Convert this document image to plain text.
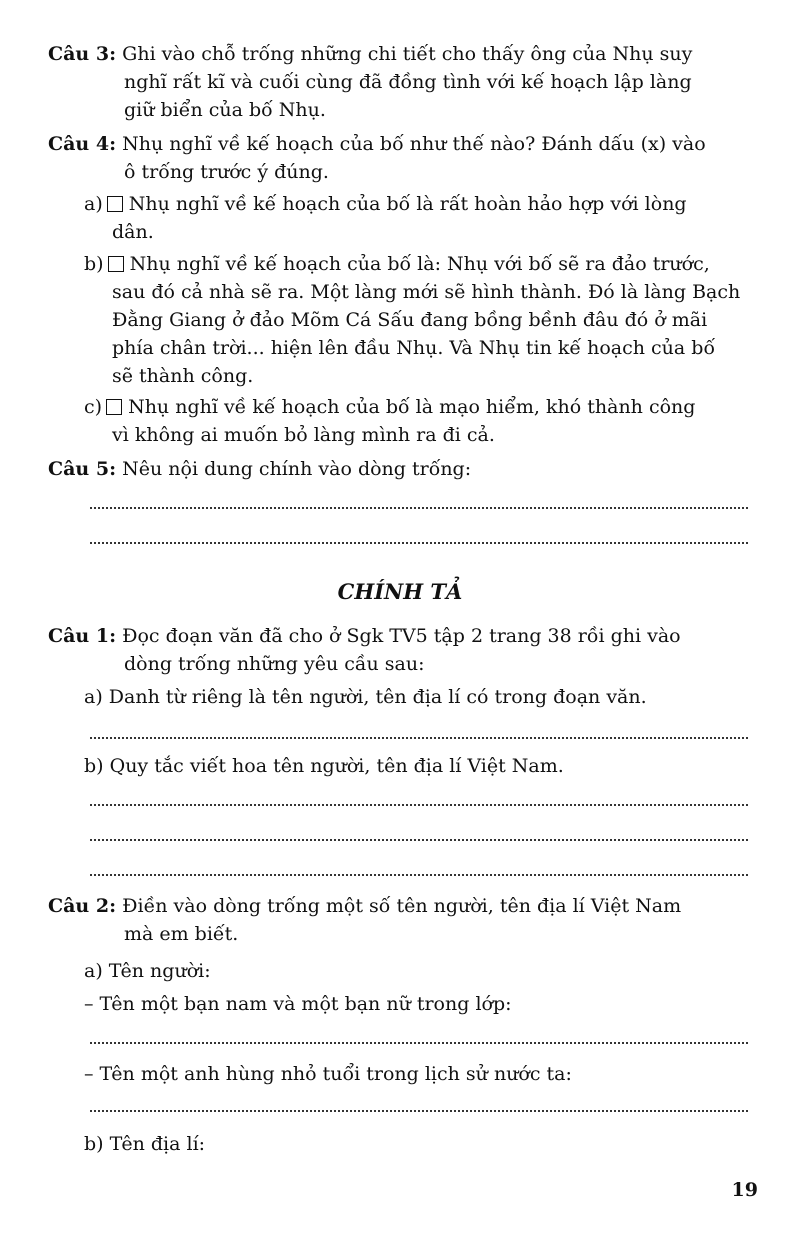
Câu 3: Ghi vào chỗ trống những chi tiết cho thấy ông của Nhụ suy
nghĩ rất kĩ và cuối cùng đã đồng tình với kế hoạch lập làng
giữ biển của bố Nhụ.
Câu 4: Nhụ nghĩ về kế hoạch của bố như thế nào? Đánh dấu (x) vào
ô trống trước ý đúng.
a) Nhụ nghĩ về kế hoạch của bố là rất hoàn hảo hợp với lòng
dân.
b) Nhụ nghĩ về kế hoạch của bố là: Nhụ với bố sẽ ra đảo trước,
sau đó cả nhà sẽ ra. Một làng mới sẽ hình thành. Đó là làng Bạch
Đằng Giang ở đảo Mõm Cá Sấu đang bồng bềnh đâu đó ở mãi
phía chân trời... hiện lên đầu Nhụ. Và Nhụ tin kế hoạch của bố
sẽ thành công.
c) Nhụ nghĩ về kế hoạch của bố là mạo hiểm, khó thành công
vì không ai muốn bỏ làng mình ra đi cả.
Câu 5: Nêu nội dung chính vào dòng trống:
CHÍNH TẢ
Câu 1: Đọc đoạn văn đã cho ở Sgk TV5 tập 2 trang 38 rồi ghi vào
dòng trống những yêu cầu sau:
a) Danh từ riêng là tên người, tên địa lí có trong đoạn văn.
b) Quy tắc viết hoa tên người, tên địa lí Việt Nam.
Câu 2: Điền vào dòng trống một số tên người, tên địa lí Việt Nam
mà em biết.
a) Tên người:
– Tên một bạn nam và một bạn nữ trong lớp:
– Tên một anh hùng nhỏ tuổi trong lịch sử nước ta:
b) Tên địa lí:
19
